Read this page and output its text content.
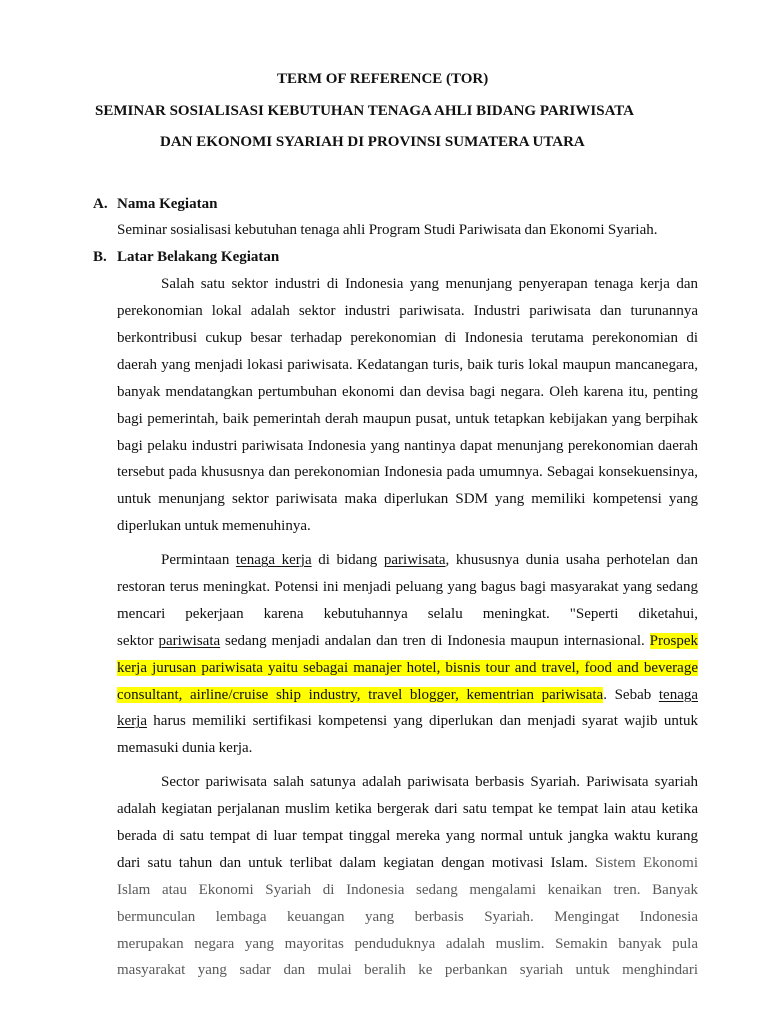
TERM OF REFERENCE (TOR)
SEMINAR SOSIALISASI KEBUTUHAN TENAGA AHLI BIDANG PARIWISATA
DAN EKONOMI SYARIAH DI PROVINSI SUMATERA UTARA
A. Nama Kegiatan
Seminar sosialisasi kebutuhan tenaga ahli Program Studi Pariwisata dan Ekonomi Syariah.
B. Latar Belakang Kegiatan
Salah satu sektor industri di Indonesia yang menunjang penyerapan tenaga kerja dan
perekonomian lokal adalah sektor industri pariwisata. Industri pariwisata dan turunannya
berkontribusi cukup besar terhadap perekonomian di Indonesia terutama perekonomian di
daerah yang menjadi lokasi pariwisata. Kedatangan turis, baik turis lokal maupun mancanegara,
banyak mendatangkan pertumbuhan ekonomi dan devisa bagi negara. Oleh karena itu, penting
bagi pemerintah, baik pemerintah derah maupun pusat, untuk tetapkan kebijakan yang berpihak
bagi pelaku industri pariwisata Indonesia yang nantinya dapat menunjang perekonomian daerah
tersebut pada khususnya dan perekonomian Indonesia pada umumnya. Sebagai konsekuensinya,
untuk menunjang sektor pariwisata maka diperlukan SDM yang memiliki kompetensi yang
diperlukan untuk memenuhinya.
Permintaan tenaga kerja di bidang pariwisata, khususnya dunia usaha perhotelan dan
restoran terus meningkat. Potensi ini menjadi peluang yang bagus bagi masyarakat yang sedang
mencari pekerjaan karena kebutuhannya selalu meningkat. "Seperti diketahui,
sektor pariwisata sedang menjadi andalan dan tren di Indonesia maupun internasional. Prospek
kerja jurusan pariwisata yaitu sebagai manajer hotel, bisnis tour and travel, food and beverage
consultant, airline/cruise ship industry, travel blogger, kementrian pariwisata. Sebab tenaga
kerja harus memiliki sertifikasi kompetensi yang diperlukan dan menjadi syarat wajib untuk
memasuki dunia kerja.
Sector pariwisata salah satunya adalah pariwisata berbasis Syariah. Pariwisata syariah
adalah kegiatan perjalanan muslim ketika bergerak dari satu tempat ke tempat lain atau ketika
berada di satu tempat di luar tempat tinggal mereka yang normal untuk jangka waktu kurang
dari satu tahun dan untuk terlibat dalam kegiatan dengan motivasi Islam. Sistem Ekonomi
Islam atau Ekonomi Syariah di Indonesia sedang mengalami kenaikan tren. Banyak
bermunculan lembaga keuangan yang berbasis Syariah. Mengingat Indonesia
merupakan negara yang mayoritas penduduknya adalah muslim. Semakin banyak pula
masyarakat yang sadar dan mulai beralih ke perbankan syariah untuk menghindari
